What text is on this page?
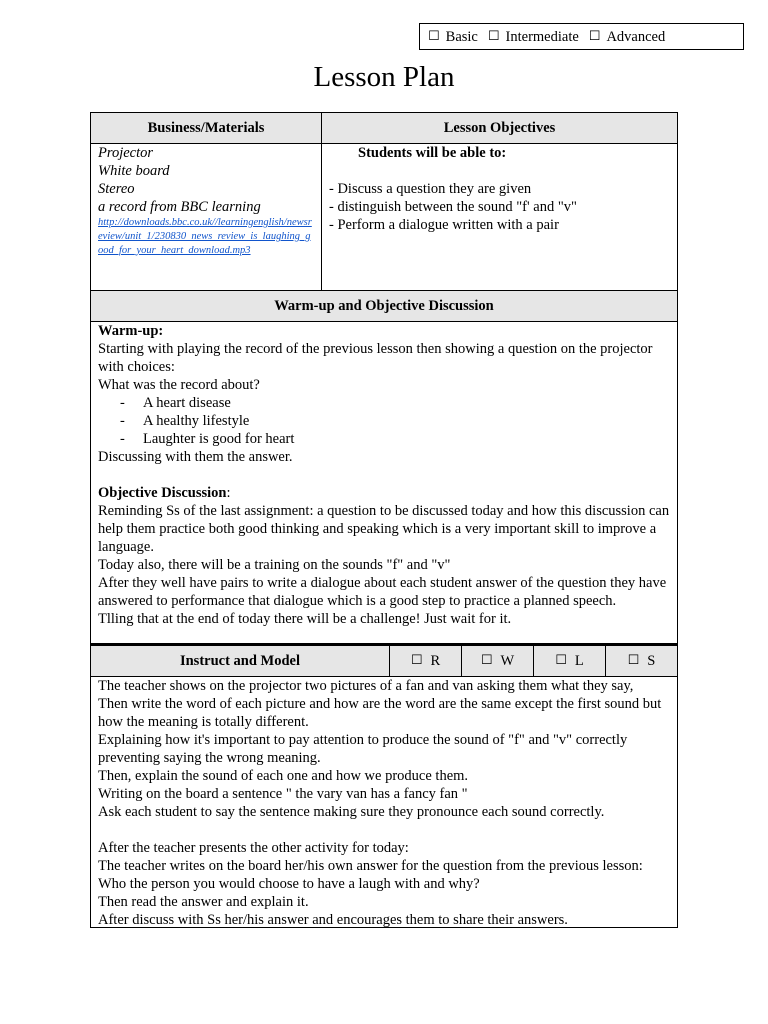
☐ Basic ☐ Intermediate ☐ Advanced
Lesson Plan
Business/Materials	Lesson Objectives
Projector
White board
Stereo
a record from BBC learning
http://downloads.bbc.co.uk//learningenglish/newsreview/unit_1/230830_news_review_is_laughing_good_for_your_heart_download.mp3
Students will be able to:
- Discuss a question they are given
- distinguish between the sound "f' and "v"
- Perform a dialogue written with a pair
Warm-up and Objective Discussion
Warm-up:
Starting with playing the record of the previous lesson then showing a question on the projector with choices:
What was the record about?
-	A heart disease
-	A healthy lifestyle
-	Laughter is good for heart
Discussing with them the answer.
Objective Discussion:
Reminding Ss of the last assignment: a question to be discussed today and how this discussion can help them practice both good thinking and speaking which is a very important skill to improve a language.
Today also, there will be a training on the sounds "f" and "v"
After they well have pairs to write a dialogue about each student answer of the question they have answered to performance that dialogue which is a good step to practice a planned speech.
Tlling that at the end of today there will be a challenge! Just wait for it.
Instruct and Model	☐ R	☐ W	☐ L	☐ S
The teacher shows on the projector two pictures of a fan and van asking them what they say,
Then write the word of each picture and how are the word are the same except the first sound but how the meaning is totally different.
Explaining how it's important to pay attention to produce the sound of "f" and "v" correctly preventing saying the wrong meaning.
Then, explain the sound of each one and how we produce them.
Writing on the board a sentence " the vary van has a fancy fan "
Ask each student to say the sentence making sure they pronounce each sound correctly.
After the teacher presents the other activity for today:
The teacher writes on the board her/his own answer for the question from the previous lesson:
Who the person you would choose to have a laugh with and why?
Then read the answer and explain it.
After discuss with Ss her/his answer and encourages them to share their answers.
